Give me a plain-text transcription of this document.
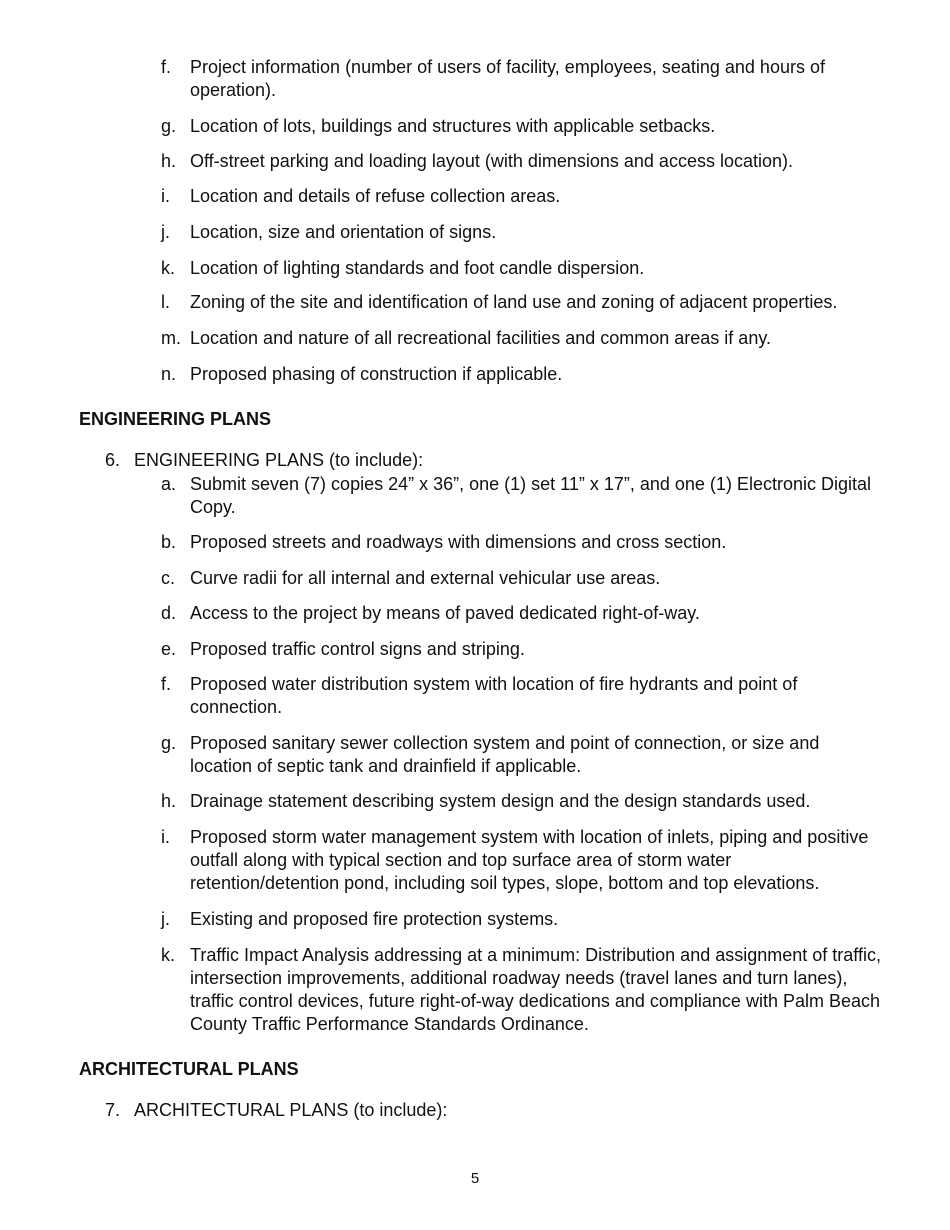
f.	Project information (number of users of facility, employees, seating and hours of operation).
g. Location of lots, buildings and structures with applicable setbacks.
h. Off-street parking and loading layout (with dimensions and access location).
i.	Location and details of refuse collection areas.
j.	Location, size and orientation of signs.
k. Location of lighting standards and foot candle dispersion.
l.	Zoning of the site and identification of land use and zoning of adjacent properties.
m. Location and nature of all recreational facilities and common areas if any.
n. Proposed phasing of construction if applicable.
ENGINEERING PLANS
6. ENGINEERING PLANS (to include):
a. Submit seven (7) copies 24” x 36”, one (1) set 11” x 17”, and one (1) Electronic Digital Copy.
b. Proposed streets and roadways with dimensions and cross section.
c. Curve radii for all internal and external vehicular use areas.
d. Access to the project by means of paved dedicated right-of-way.
e. Proposed traffic control signs and striping.
f.	Proposed water distribution system with location of fire hydrants and point of connection.
g. Proposed sanitary sewer collection system and point of connection, or size and location of septic tank and drainfield if applicable.
h. Drainage statement describing system design and the design standards used.
i.	Proposed storm water management system with location of inlets, piping and positive outfall along with typical section and top surface area of storm water retention/detention pond, including soil types, slope, bottom and top elevations.
j.	Existing and proposed fire protection systems.
k. Traffic Impact Analysis addressing at a minimum: Distribution and assignment of traffic, intersection improvements, additional roadway needs (travel lanes and turn lanes), traffic control devices, future right-of-way dedications and compliance with Palm Beach County Traffic Performance Standards Ordinance.
ARCHITECTURAL PLANS
7. ARCHITECTURAL PLANS (to include):
5
